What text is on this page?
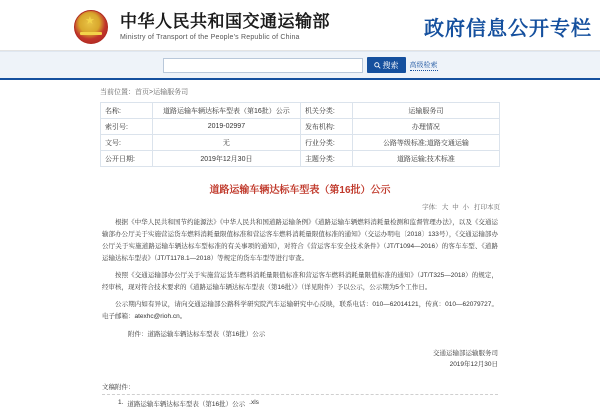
★ 中华人民共和国交通运输部
Ministry of Transport of the People's Republic of China	政府信息公开专栏
搜索 高级检索
当前位置：首页>运输服务司
名称:	道路运输车辆达标车型表（第16批）公示	机关分类:	运输服务司
索引号:	2019-02997	发布机构:	办理情况
文号:	无	行业分类:	公路等级标准;道路交通运输
公开日期:	2019年12月30日	主题分类:	道路运输;技术标准
道路运输车辆达标车型表（第16批）公示
字体: 大 中 小 打印本页

根据《中华人民共和国节约能源法》《中华人民共和国道路运输条例》《道路运输车辆燃料消耗量检测和监督管理办法》，以及《交通运输部办公厅关于实施营运货车燃料消耗量限值标准和营运客车燃料消耗量限值标准的通知》（交运办明电〔2018〕133号），《交通运输部办公厅关于实施道路运输车辆达标车型标准的有关事项的通知》，对符合《营运客车安全技术条件》（JT/T1094—2016）的客车车型、《道路运输达标车型表》（JT/T1178.1—2018）等规定的货车车型等进行审查。

按照《交通运输部办公厅关于实施营运货车燃料消耗量限值标准和营运客车燃料消耗量限值标准的通知》（JT/T325—2018）的规定，经审核，现对符合技术要求的《道路运输车辆达标车型表（第16批）》（详见附件）予以公示，公示期为5个工作日。

公示期内如有异议，请向交通运输部公路科学研究院汽车运输研究中心反映，联系电话：010—62014121，传真：010—62079727。电子邮箱：atexhc@rioh.cn。

附件：道路运输车辆达标车型表（第16批）公示
交通运输部运输服务司
2019年12月30日
文稿附件：
1. 道路运输车辆达标车型表（第16批）公示 .xls
